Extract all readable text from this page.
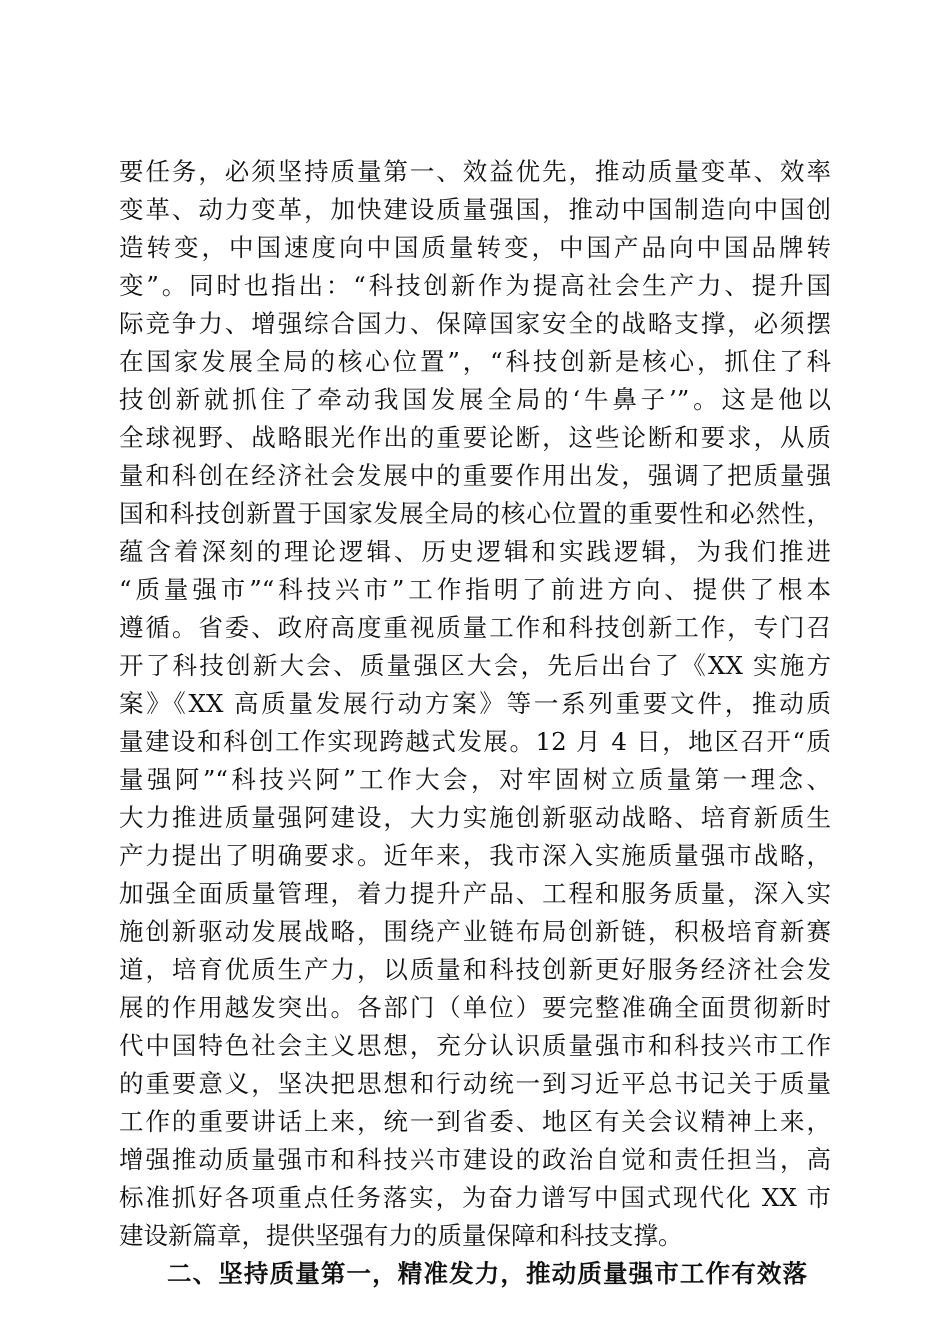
要任务，必须坚持质量第一、效益优先，推动质量变革、效率
变革、动力变革，加快建设质量强国，推动中国制造向中国创
造转变，中国速度向中国质量转变，中国产品向中国品牌转
变”。同时也指出：“科技创新作为提高社会生产力、提升国
际竞争力、增强综合国力、保障国家安全的战略支撑，必须摆
在国家发展全局的核心位置”，“科技创新是核心，抓住了科
技创新就抓住了牵动我国发展全局的‘牛鼻子’”。这是他以
全球视野、战略眼光作出的重要论断，这些论断和要求，从质
量和科创在经济社会发展中的重要作用出发，强调了把质量强
国和科技创新置于国家发展全局的核心位置的重要性和必然性，
蕴含着深刻的理论逻辑、历史逻辑和实践逻辑，为我们推进
“质量强市”“科技兴市”工作指明了前进方向、提供了根本
遵循。省委、政府高度重视质量工作和科技创新工作，专门召
开了科技创新大会、质量强区大会，先后出台了《XX 实施方
案》《XX 高质量发展行动方案》等一系列重要文件，推动质
量建设和科创工作实现跨越式发展。12 月 4 日，地区召开“质
量强阿”“科技兴阿”工作大会，对牢固树立质量第一理念、
大力推进质量强阿建设，大力实施创新驱动战略、培育新质生
产力提出了明确要求。近年来，我市深入实施质量强市战略，
加强全面质量管理，着力提升产品、工程和服务质量，深入实
施创新驱动发展战略，围绕产业链布局创新链，积极培育新赛
道，培育优质生产力，以质量和科技创新更好服务经济社会发
展的作用越发突出。各部门（单位）要完整准确全面贯彻新时
代中国特色社会主义思想，充分认识质量强市和科技兴市工作
的重要意义，坚决把思想和行动统一到习近平总书记关于质量
工作的重要讲话上来，统一到省委、地区有关会议精神上来，
增强推动质量强市和科技兴市建设的政治自觉和责任担当，高
标准抓好各项重点任务落实，为奋力谱写中国式现代化 XX 市
建设新篇章，提供坚强有力的质量保障和科技支撑。
二、坚持质量第一，精准发力，推动质量强市工作有效落
